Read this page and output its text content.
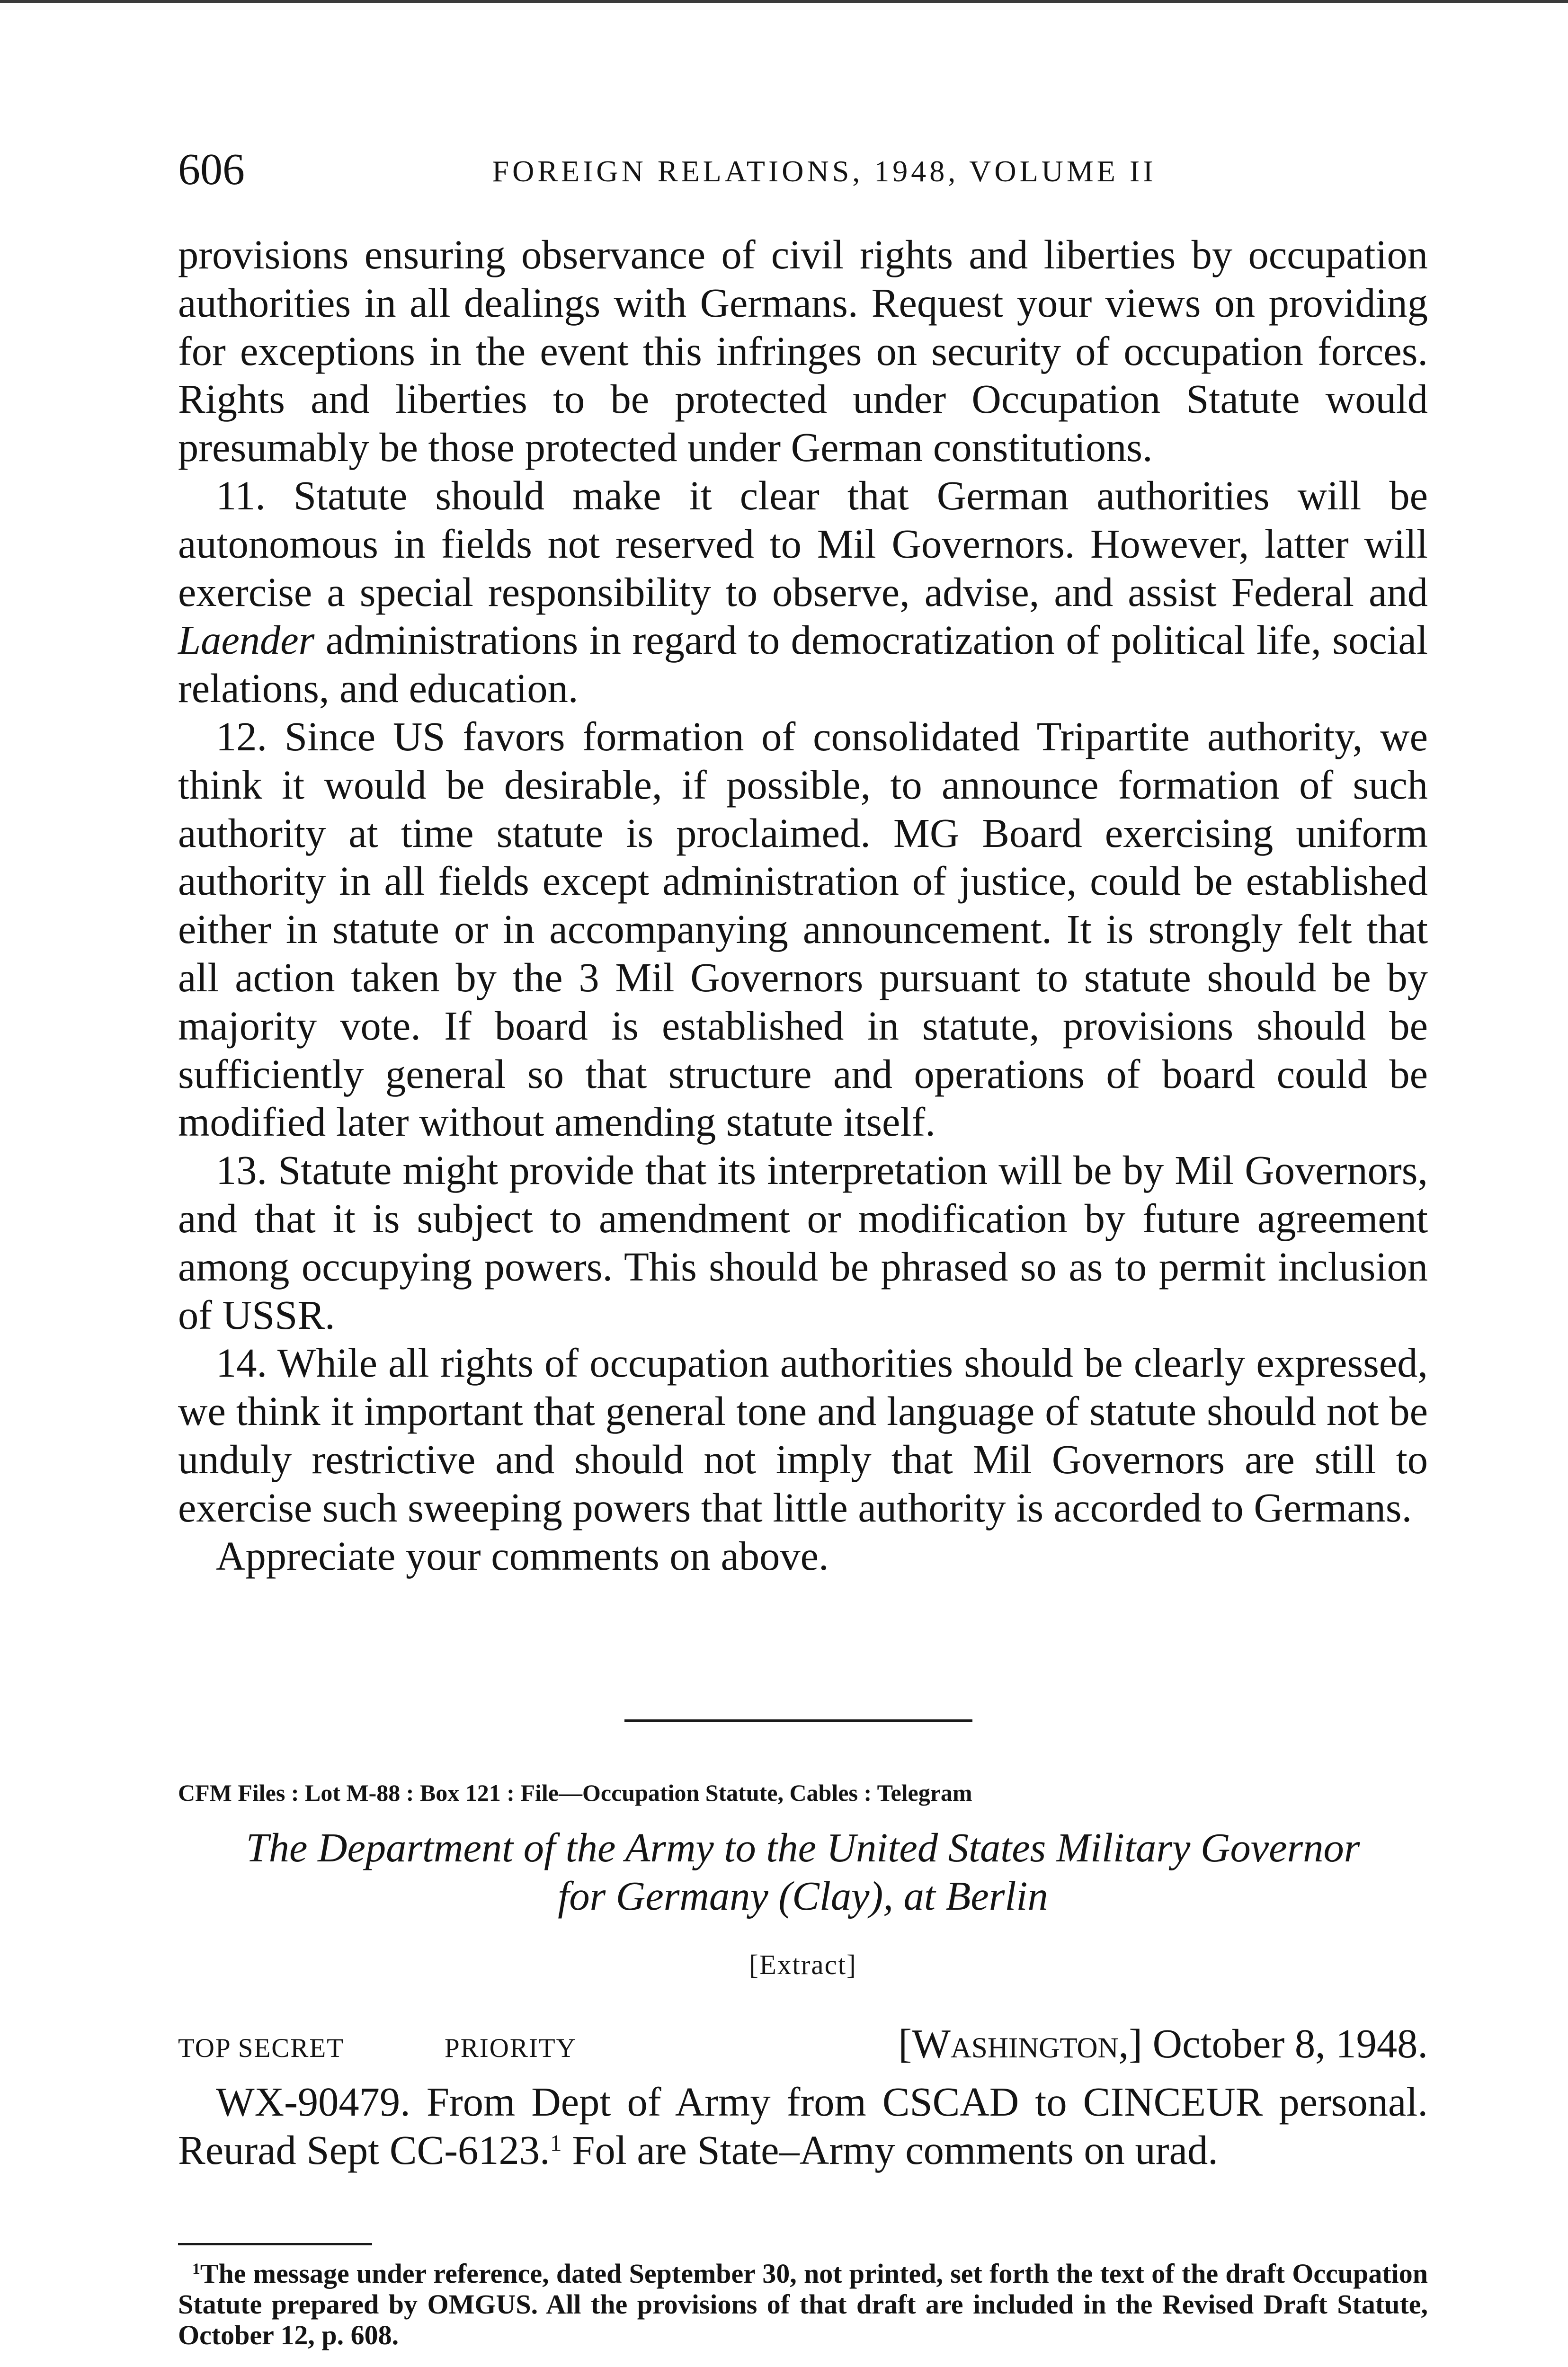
606	FOREIGN RELATIONS, 1948, VOLUME II

provisions ensuring observance of civil rights and liberties by occupation authorities in all dealings with Germans. Request your views on providing for exceptions in the event this infringes on security of occupation forces. Rights and liberties to be protected under Occupation Statute would presumably be those protected under German constitutions.

11. Statute should make it clear that German authorities will be autonomous in fields not reserved to Mil Governors. However, latter will exercise a special responsibility to observe, advise, and assist Federal and Laender administrations in regard to democratization of political life, social relations, and education.

12. Since US favors formation of consolidated Tripartite authority, we think it would be desirable, if possible, to announce formation of such authority at time statute is proclaimed. MG Board exercising uniform authority in all fields except administration of justice, could be established either in statute or in accompanying announcement. It is strongly felt that all action taken by the 3 Mil Governors pursuant to statute should be by majority vote. If board is established in statute, provisions should be sufficiently general so that structure and operations of board could be modified later without amending statute itself.

13. Statute might provide that its interpretation will be by Mil Governors, and that it is subject to amendment or modification by future agreement among occupying powers. This should be phrased so as to permit inclusion of USSR.

14. While all rights of occupation authorities should be clearly expressed, we think it important that general tone and language of statute should not be unduly restrictive and should not imply that Mil Governors are still to exercise such sweeping powers that little authority is accorded to Germans.

Appreciate your comments on above.

CFM Files : Lot M-88 : Box 121 : File—Occupation Statute, Cables : Telegram
The Department of the Army to the United States Military Governor
for Germany (Clay), at Berlin
[Extract]
TOP SECRET	PRIORITY	[Washington,] October 8, 1948.

WX-90479. From Dept of Army from CSCAD to CINCEUR personal. Reurad Sept CC-6123.$^1$ Fol are State–Army comments on urad.

$^1$The message under reference, dated September 30, not printed, set forth the text of the draft Occupation Statute prepared by OMGUS. All the provisions of that draft are included in the Revised Draft Statute, October 12, p. 608.
